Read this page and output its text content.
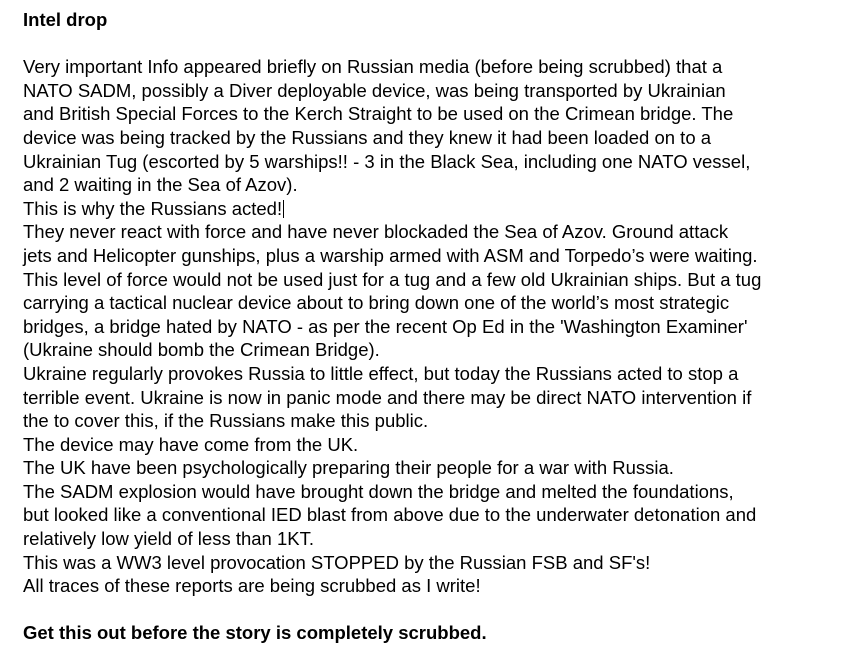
Intel drop

Very important Info appeared briefly on Russian media (before being scrubbed) that a

NATO SADM, possibly a Diver deployable device, was being transported by Ukrainian

and British Special Forces to the Kerch Straight to be used on the Crimean bridge. The

device was being tracked by the Russians and they knew it had been loaded on to a

Ukrainian Tug (escorted by 5 warships!! - 3 in the Black Sea, including one NATO vessel,

and 2 waiting in the Sea of Azov).

This is why the Russians acted!

They never react with force and have never blockaded the Sea of Azov. Ground attack

jets and Helicopter gunships, plus a warship armed with ASM and Torpedo’s were waiting.

This level of force would not be used just for a tug and a few old Ukrainian ships. But a tug

carrying a tactical nuclear device about to bring down one of the world’s most strategic

bridges, a bridge hated by NATO - as per the recent Op Ed in the 'Washington Examiner'

(Ukraine should bomb the Crimean Bridge).

Ukraine regularly provokes Russia to little effect, but today the Russians acted to stop a

terrible event. Ukraine is now in panic mode and there may be direct NATO intervention if

the to cover this, if the Russians make this public.

The device may have come from the UK.

The UK have been psychologically preparing their people for a war with Russia.

The SADM explosion would have brought down the bridge and melted the foundations,

but looked like a conventional IED blast from above due to the underwater detonation and

relatively low yield of less than 1KT.

This was a WW3 level provocation STOPPED by the Russian FSB and SF's!

All traces of these reports are being scrubbed as I write!

Get this out before the story is completely scrubbed.
